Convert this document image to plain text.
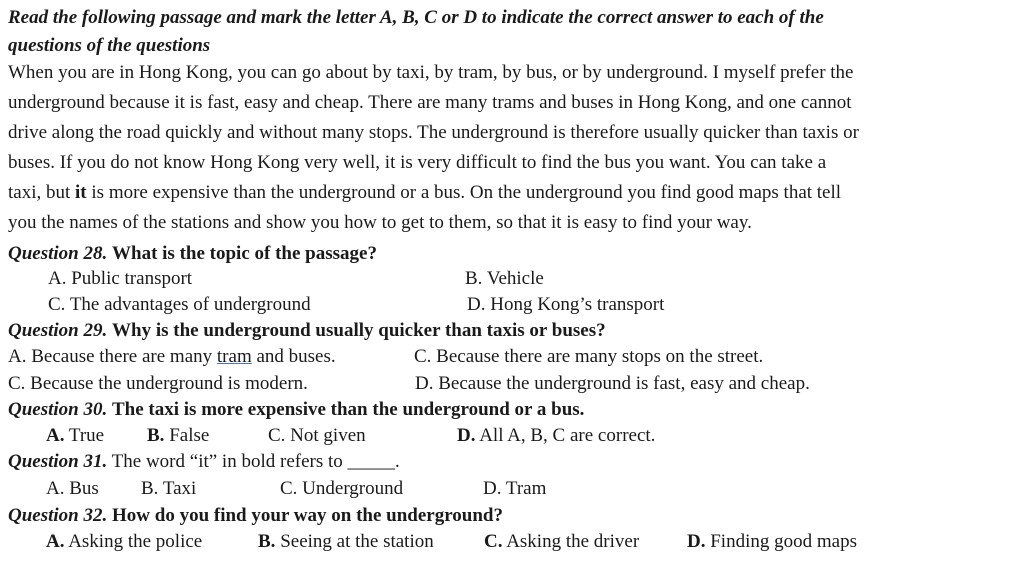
Read the following passage and mark the letter A, B, C or D to indicate the correct answer to each of the
questions of the questions
When you are in Hong Kong, you can go about by taxi, by tram, by bus, or by underground. I myself prefer the
underground because it is fast, easy and cheap. There are many trams and buses in Hong Kong, and one cannot
drive along the road quickly and without many stops. The underground is therefore usually quicker than taxis or
buses. If you do not know Hong Kong very well, it is very difficult to find the bus you want. You can take a
taxi, but it is more expensive than the underground or a bus. On the underground you find good maps that tell
you the names of the stations and show you how to get to them, so that it is easy to find your way.
Question 28. What is the topic of the passage?
A. Public transport	B. Vehicle
C. The advantages of underground	D. Hong Kong’s transport
Question 29. Why is the underground usually quicker than taxis or buses?
A. Because there are many tram and buses.	C. Because there are many stops on the street.
C. Because the underground is modern.	D. Because the underground is fast, easy and cheap.
Question 30. The taxi is more expensive than the underground or a bus.
A. True B. False	C. Not given	D. All A, B, C are correct.
Question 31. The word “it” in bold refers to _____.
A. Bus B. Taxi	C. Underground	D. Tram
Question 32. How do you find your way on the underground?
A. Asking the police	B. Seeing at the station	C. Asking the driver	D. Finding good maps
